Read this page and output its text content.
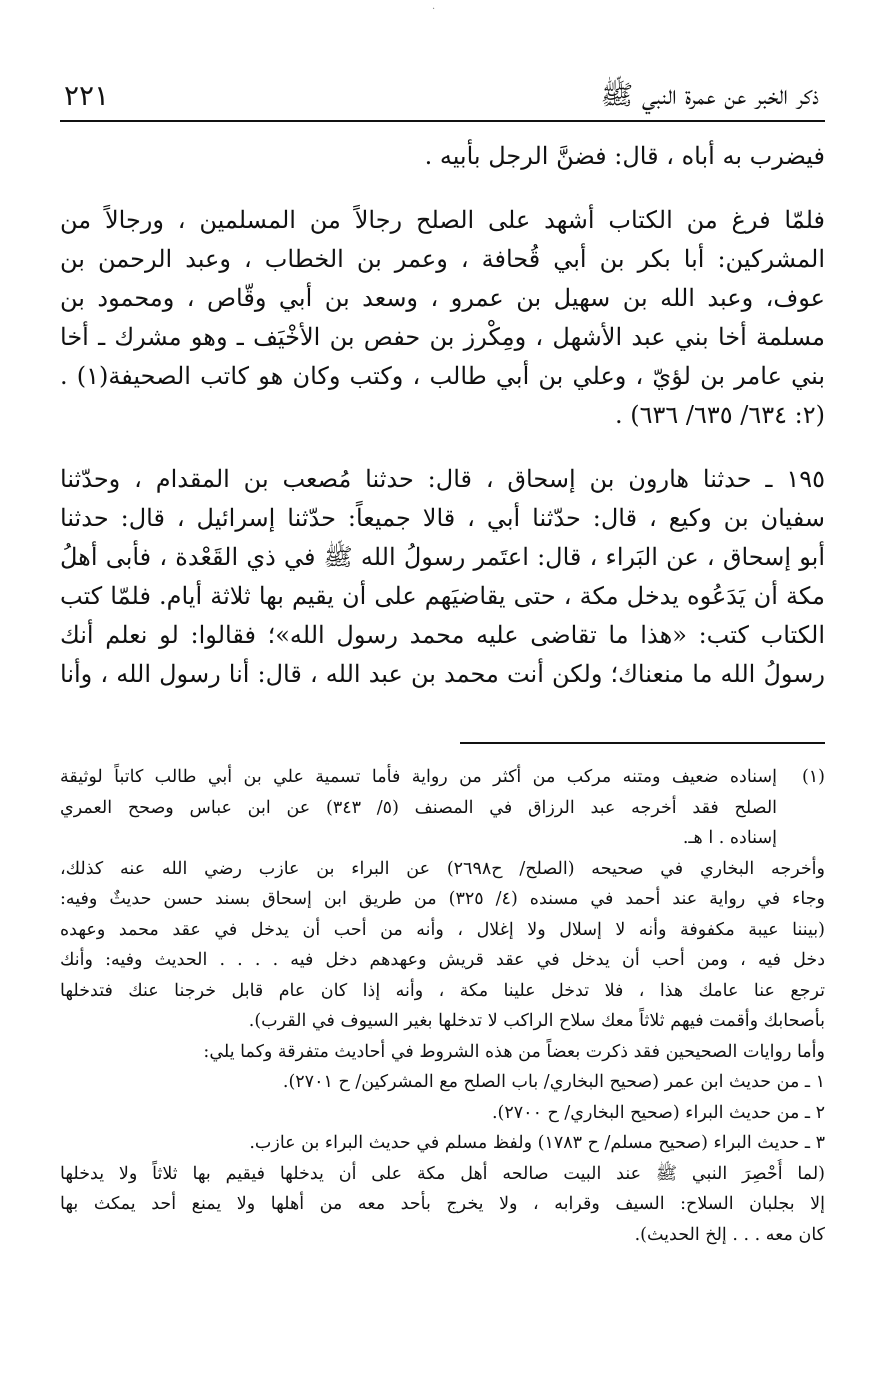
·
ذكر الخبر عن عمرة النبي ﷺ
٢٢١
فيضرب به أباه ، قال: فضنَّ الرجل بأبيه .
فلمّا فرغ من الكتاب أشهد على الصلح رجالاً من المسلمين ، ورجالاً من
المشركين: أبا بكر بن أبي قُحافة ، وعمر بن الخطاب ، وعبد الرحمن بن
عوف، وعبد الله بن سهيل بن عمرو ، وسعد بن أبي وقّاص ، ومحمود بن
مسلمة أخا بني عبد الأشهل ، ومِكْرز بن حفص بن الأخْيَف ـ وهو مشرك ـ أخا
بني عامر بن لؤيّ ، وعلي بن أبي طالب ، وكتب وكان هو كاتب الصحيفة(١) .
(٢: ٦٣٤/ ٦٣٥/ ٦٣٦) .
١٩٥ ـ حدثنا هارون بن إسحاق ، قال: حدثنا مُصعب بن المقدام ، وحدّثنا
سفيان بن وكيع ، قال: حدّثنا أبي ، قالا جميعاً: حدّثنا إسرائيل ، قال: حدثنا
أبو إسحاق ، عن البَراء ، قال: اعتَمر رسولُ الله ﷺ في ذي القَعْدة ، فأبى أهلُ
مكة أن يَدَعُوه يدخل مكة ، حتى يقاضيَهم على أن يقيم بها ثلاثة أيام. فلمّا كتب
الكتاب كتب: «هذا ما تقاضى عليه محمد رسول الله»؛ فقالوا: لو نعلم أنك
رسولُ الله ما منعناك؛ ولكن أنت محمد بن عبد الله ، قال: أنا رسول الله ، وأنا
(١)
إسناده ضعيف ومتنه مركب من أكثر من رواية فأما تسمية علي بن أبي طالب كاتباً لوثيقة
الصلح فقد أخرجه عبد الرزاق في المصنف (٥/ ٣٤٣) عن ابن عباس وصحح العمري
إسناده . ا هـ.
وأخرجه البخاري في صحيحه (الصلح/ ح٢٦٩٨) عن البراء بن عازب رضي الله عنه كذلك،
وجاء في رواية عند أحمد في مسنده (٤/ ٣٢٥) من طريق ابن إسحاق بسند حسن حديثٌ وفيه:
(بيننا عيبة مكفوفة وأنه لا إسلال ولا إغلال ، وأنه من أحب أن يدخل في عقد محمد وعهده
دخل فيه ، ومن أحب أن يدخل في عقد قريش وعهدهم دخل فيه . . . . الحديث وفيه: وأنك
ترجع عنا عامك هذا ، فلا تدخل علينا مكة ، وأنه إذا كان عام قابل خرجنا عنك فتدخلها
بأصحابك وأقمت فيهم ثلاثاً معك سلاح الراكب لا تدخلها بغير السيوف في القرب).
وأما روايات الصحيحين فقد ذكرت بعضاً من هذه الشروط في أحاديث متفرقة وكما يلي:
١ ـ من حديث ابن عمر (صحيح البخاري/ باب الصلح مع المشركين/ ح ٢٧٠١).
٢ ـ من حديث البراء (صحيح البخاري/ ح ٢٧٠٠).
٣ ـ حديث البراء (صحيح مسلم/ ح ١٧٨٣) ولفظ مسلم في حديث البراء بن عازب.
(لما أُحْصِرَ النبي ﷺ عند البيت صالحه أهل مكة على أن يدخلها فيقيم بها ثلاثاً ولا يدخلها
إلا بجلبان السلاح: السيف وقرابه ، ولا يخرج بأحد معه من أهلها ولا يمنع أحد يمكث بها
كان معه . . . إلخ الحديث).
